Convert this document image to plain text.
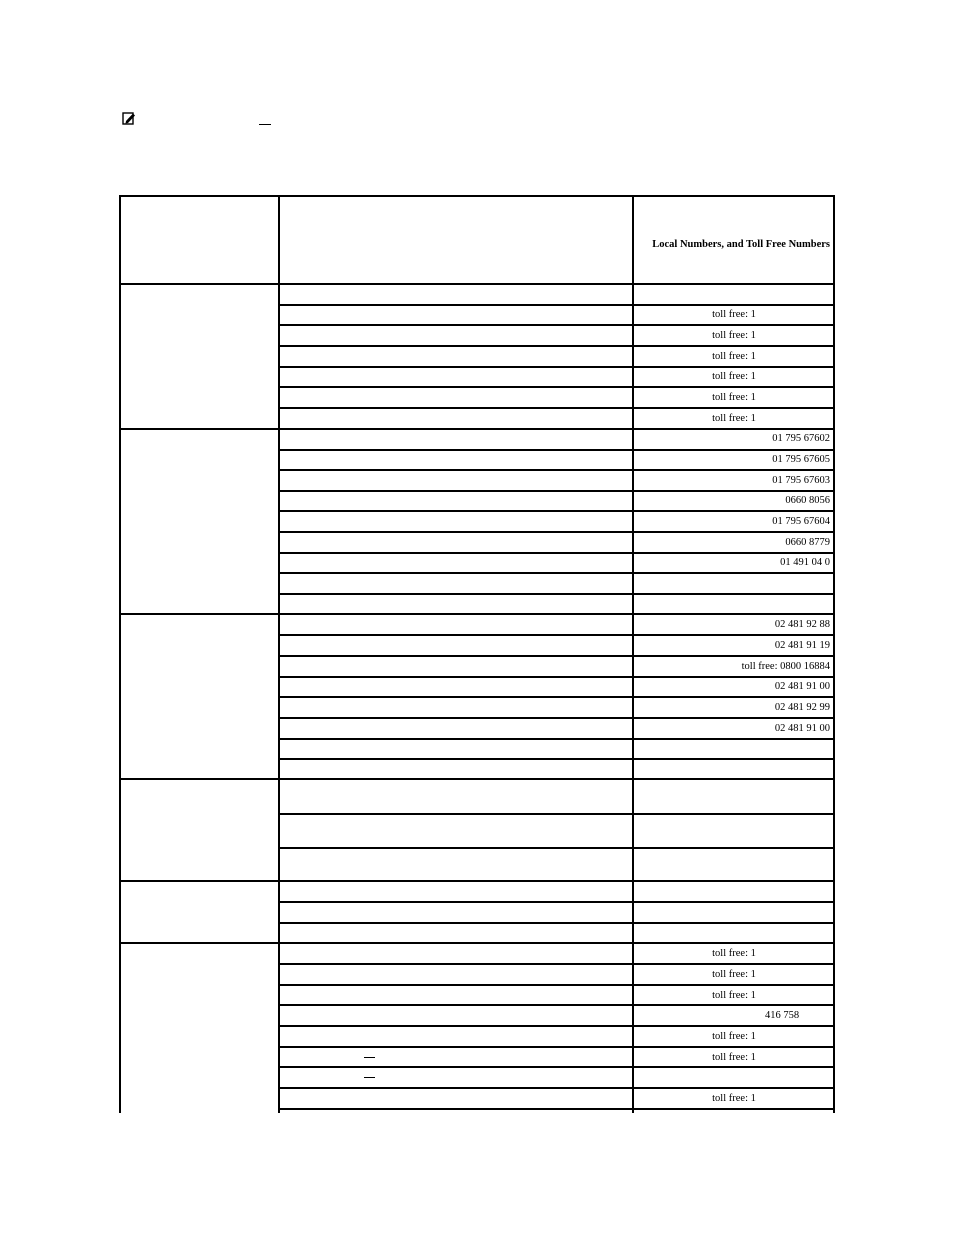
Local Numbers, and Toll Free Numbers
toll free: 1
toll free: 1
toll free: 1
toll free: 1
toll free: 1
toll free: 1
01 795 67602
01 795 67605
01 795 67603
0660 8056
01 795 67604
0660 8779
01 491 04 0
02 481 92 88
02 481 91 19
toll free: 0800 16884
02 481 91 00
02 481 92 99
02 481 91 00
toll free: 1
toll free: 1
toll free: 1
416 758
toll free: 1
toll free: 1
toll free: 1
